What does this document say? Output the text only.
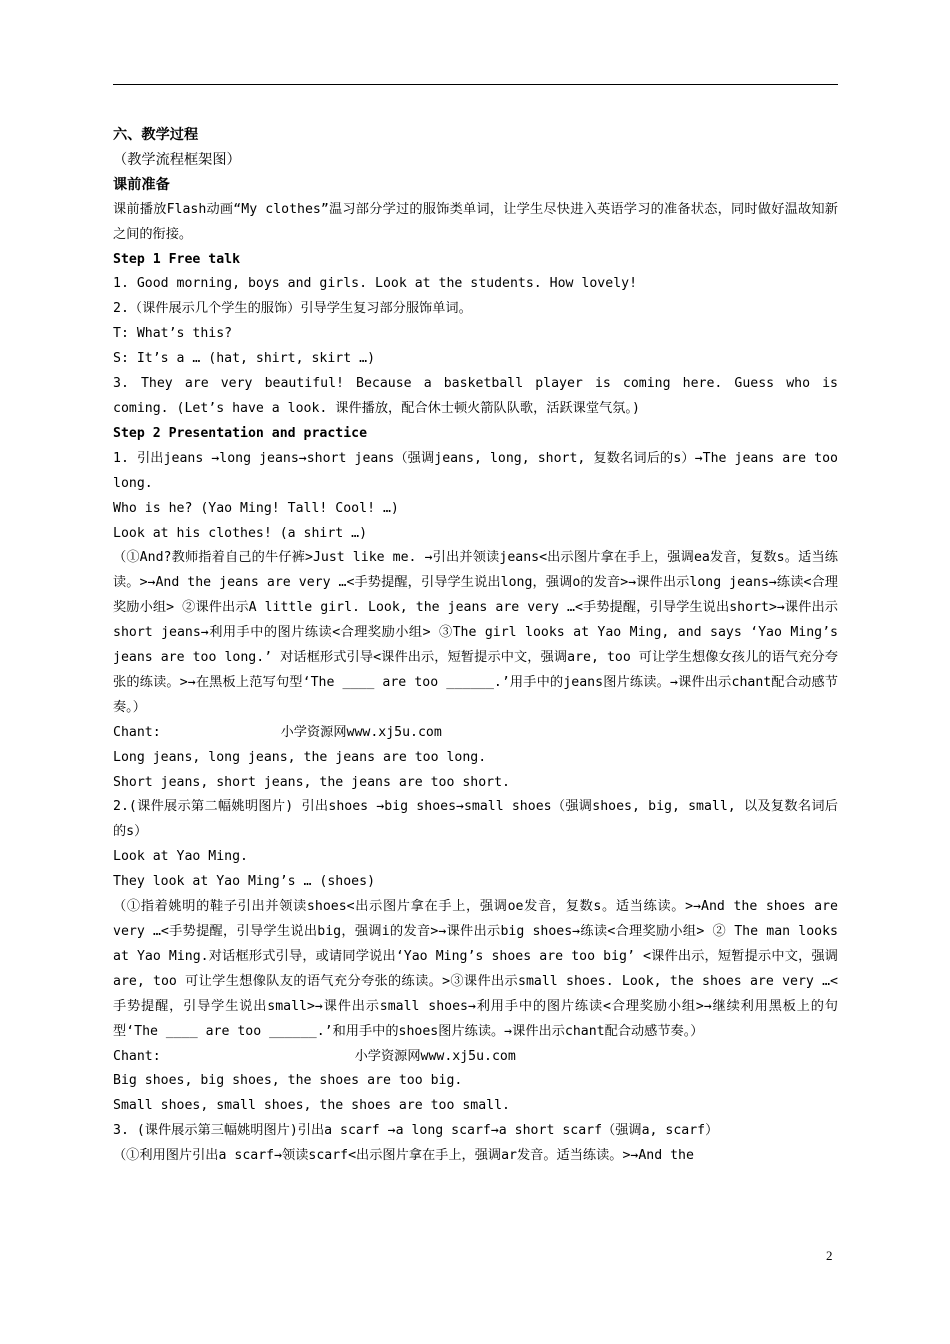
六、教学过程
（教学流程框架图）
课前准备
课前播放Flash动画“My clothes”温习部分学过的服饰类单词，让学生尽快进入英语学习的准备状态，同时做好温故知新之间的衔接。
Step 1 Free talk
1. Good morning, boys and girls. Look at the students. How lovely!
2.（课件展示几个学生的服饰）引导学生复习部分服饰单词。
T: What’s this?
S: It’s a … (hat, shirt, skirt …)
3. They are very beautiful! Because a basketball player is coming here. Guess who is coming. (Let’s have a look. 课件播放，配合休士顿火箭队队歌，活跃课堂气氛。)
Step 2 Presentation and practice
1. 引出jeans →long jeans→short jeans（强调jeans, long, short, 复数名词后的s）→The jeans are too long.
Who is he? (Yao Ming! Tall! Cool! …)
Look at his clothes! (a shirt …)
（①And?教师指着自己的牛仔裤>Just like me. →引出并领读jeans<出示图片拿在手上，强调ea发音，复数s。适当练读。>→And the jeans are very …<手势提醒，引导学生说出long，强调o的发音>→课件出示long jeans→练读<合理奖励小组> ②课件出示A little girl. Look, the jeans are very …<手势提醒，引导学生说出short>→课件出示short jeans→利用手中的图片练读<合理奖励小组> ③The girl looks at Yao Ming, and says ‘Yao Ming’s jeans are too long.’ 对话框形式引导<课件出示，短暂提示中文，强调are, too 可让学生想像女孩儿的语气充分夸张的练读。>→在黑板上范写句型‘The ____ are too ______.’用手中的jeans图片练读。→课件出示chant配合动感节奏。）
Chant:	小学资源网www.xj5u.com
Long jeans, long jeans, the jeans are too long.
Short jeans, short jeans, the jeans are too short.
2.(课件展示第二幅姚明图片) 引出shoes →big shoes→small shoes（强调shoes, big, small, 以及复数名词后的s）
Look at Yao Ming.
They look at Yao Ming’s … (shoes)
（①指着姚明的鞋子引出并领读shoes<出示图片拿在手上，强调oe发音，复数s。适当练读。>→And the shoes are very …<手势提醒，引导学生说出big，强调i的发音>→课件出示big shoes→练读<合理奖励小组> ② The man looks at Yao Ming.对话框形式引导，或请同学说出‘Yao Ming’s shoes are too big’ <课件出示，短暂提示中文，强调are, too 可让学生想像队友的语气充分夸张的练读。>③课件出示small shoes. Look, the shoes are very …<手势提醒，引导学生说出small>→课件出示small shoes→利用手中的图片练读<合理奖励小组>→继续利用黑板上的句型‘The ____ are too ______.’和用手中的shoes图片练读。→课件出示chant配合动感节奏。）
Chant:	小学资源网www.xj5u.com
Big shoes, big shoes, the shoes are too big.
Small shoes, small shoes, the shoes are too small.
3. (课件展示第三幅姚明图片)引出a scarf →a long scarf→a short scarf（强调a, scarf）
（①利用图片引出a scarf→领读scarf<出示图片拿在手上，强调ar发音。适当练读。>→And the
2
